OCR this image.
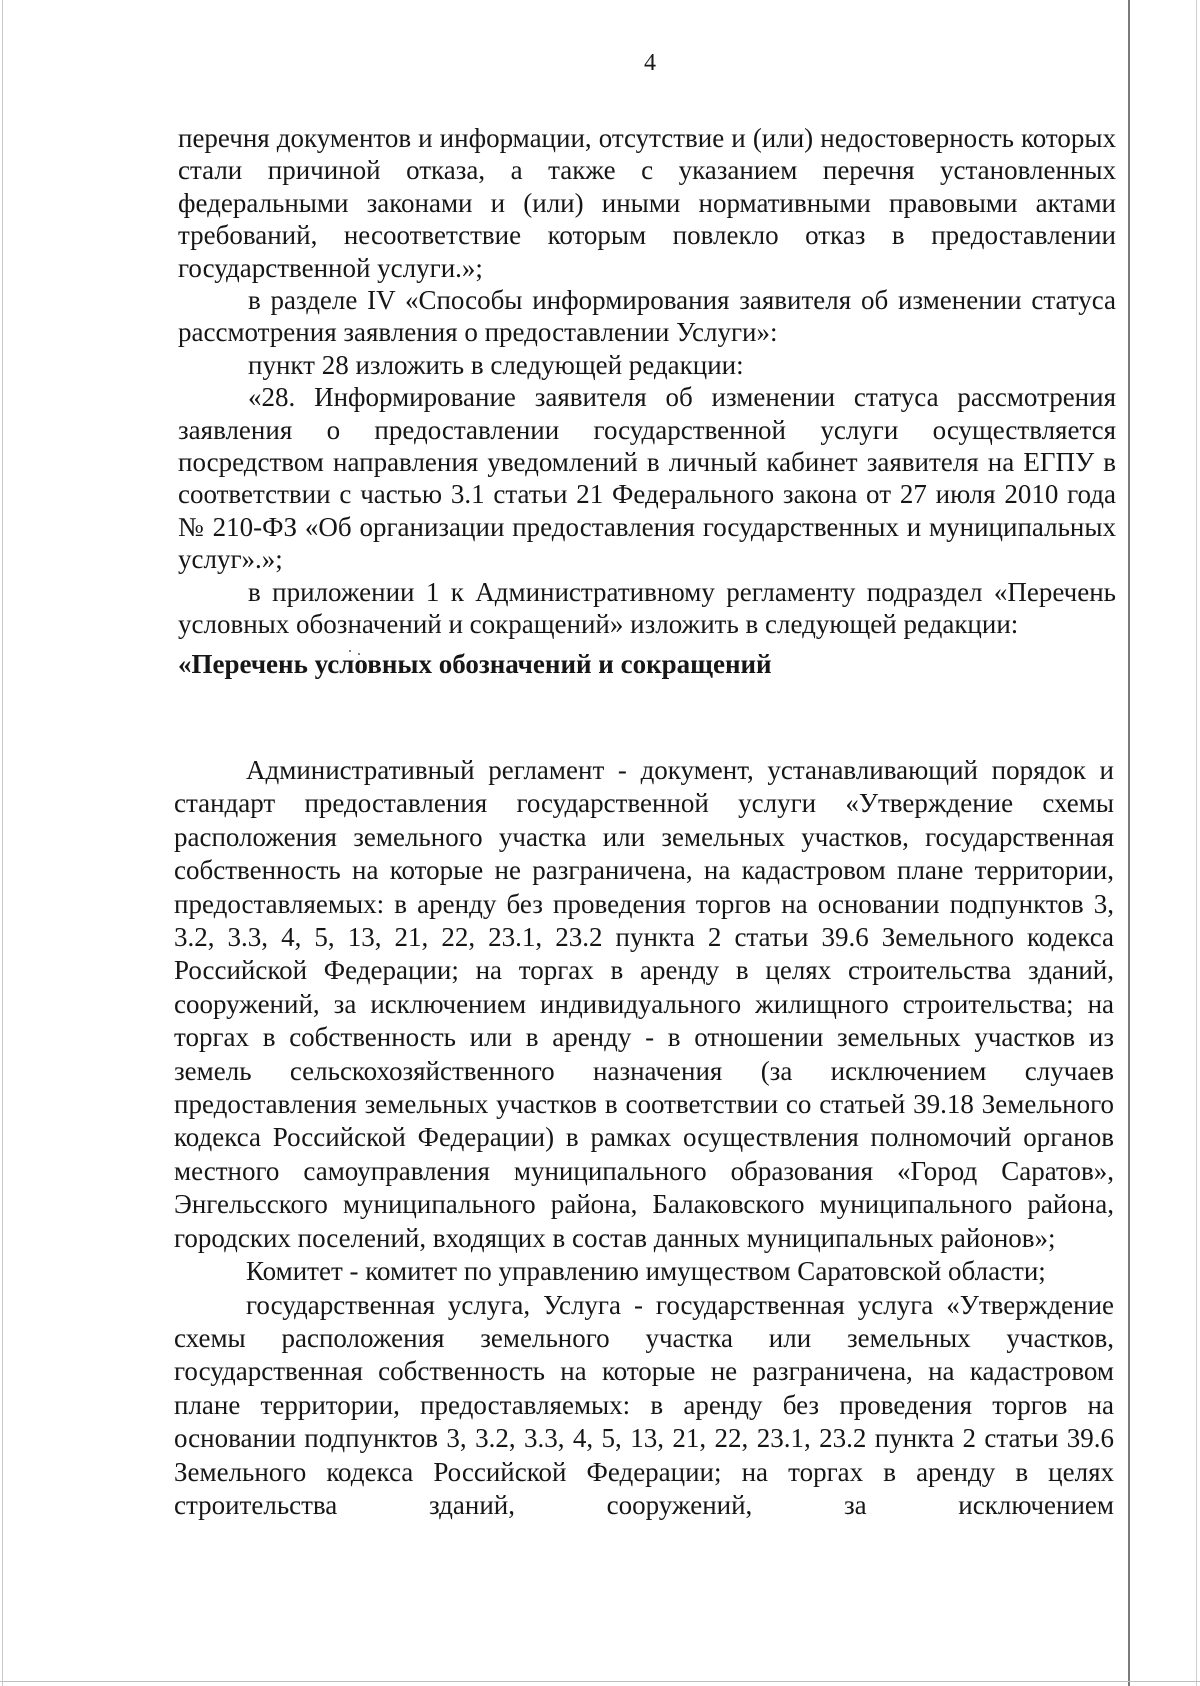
4

перечня документов и информации, отсутствие и (или) недостоверность которых стали причиной отказа, а также с указанием перечня установленных федеральными законами и (или) иными нормативными правовыми актами требований, несоответствие которым повлекло отказ в предоставлении государственной услуги.»;

в разделе IV «Способы информирования заявителя об изменении статуса рассмотрения заявления о предоставлении Услуги»:

пункт 28 изложить в следующей редакции:

«28. Информирование заявителя об изменении статуса рассмотрения заявления о предоставлении государственной услуги осуществляется посредством направления уведомлений в личный кабинет заявителя на ЕГПУ в соответствии с частью 3.1 статьи 21 Федерального закона от 27 июля 2010 года № 210-ФЗ «Об организации предоставления государственных и муниципальных услуг».»;

в приложении 1 к Административному регламенту подраздел «Перечень условных обозначений и сокращений» изложить в следующей редакции:

«Перечень условных обозначений и сокращений

Административный регламент - документ, устанавливающий порядок и стандарт предоставления государственной услуги «Утверждение схемы расположения земельного участка или земельных участков, государственная собственность на которые не разграничена, на кадастровом плане территории, предоставляемых: в аренду без проведения торгов на основании подпунктов 3, 3.2, 3.3, 4, 5, 13, 21, 22, 23.1, 23.2 пункта 2 статьи 39.6 Земельного кодекса Российской Федерации; на торгах в аренду в целях строительства зданий, сооружений, за исключением индивидуального жилищного строительства; на торгах в собственность или в аренду - в отношении земельных участков из земель сельскохозяйственного назначения (за исключением случаев предоставления земельных участков в соответствии со статьей 39.18 Земельного кодекса Российской Федерации) в рамках осуществления полномочий органов местного самоуправления муниципального образования «Город Саратов», Энгельсского муниципального района, Балаковского муниципального района, городских поселений, входящих в состав данных муниципальных районов»;

Комитет - комитет по управлению имуществом Саратовской области;

государственная услуга, Услуга - государственная услуга «Утверждение схемы расположения земельного участка или земельных участков, государственная собственность на которые не разграничена, на кадастровом плане территории, предоставляемых: в аренду без проведения торгов на основании подпунктов 3, 3.2, 3.3, 4, 5, 13, 21, 22, 23.1, 23.2 пункта 2 статьи 39.6 Земельного кодекса Российской Федерации; на торгах в аренду в целях строительства зданий, сооружений, за исключением
